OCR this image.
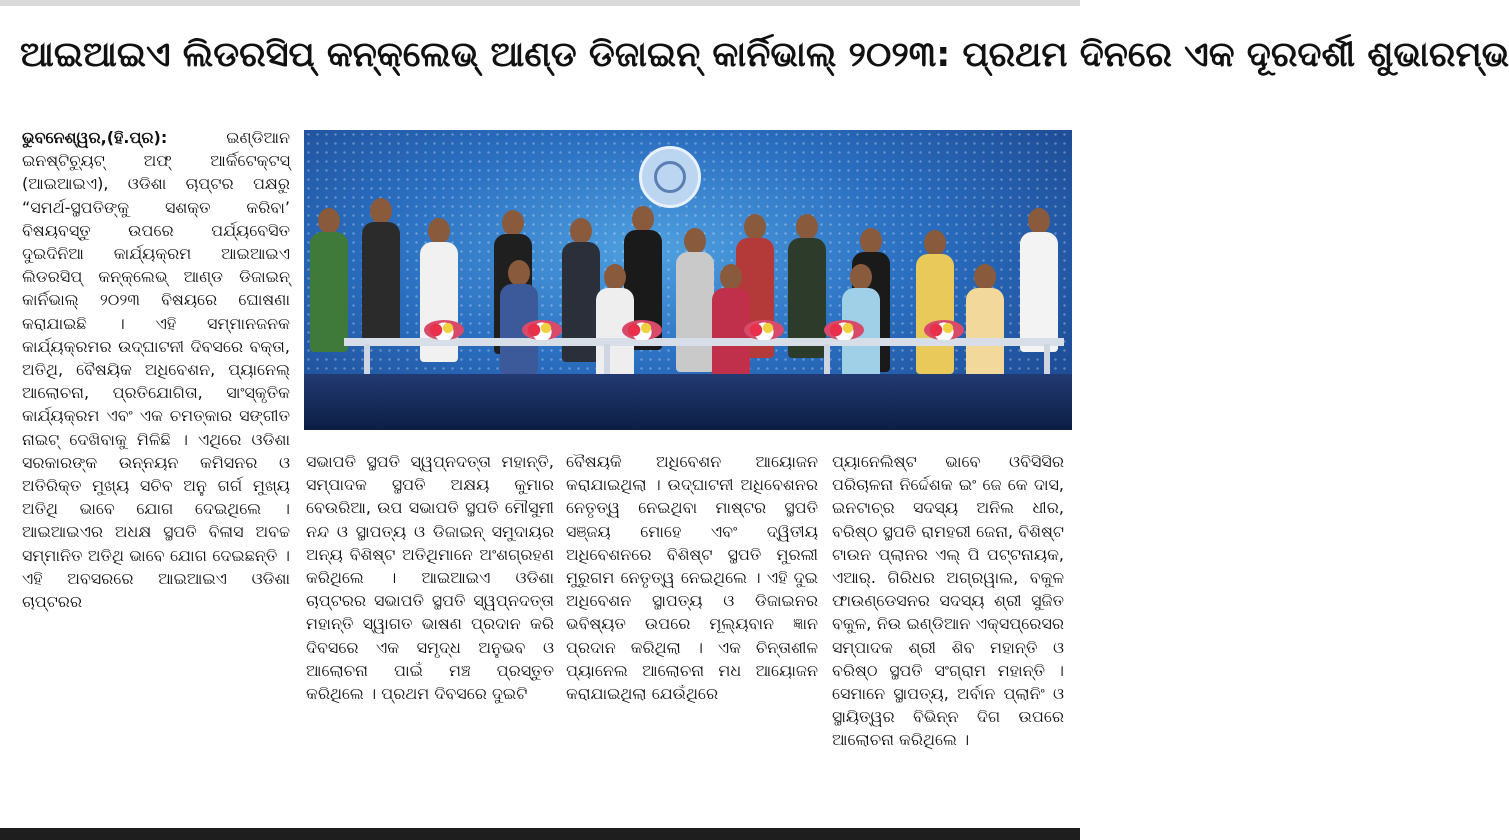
ଆଇଆଇଏ ଲିଡରସିପ୍ କନ୍‌କ୍ଲେଭ୍ ଆଣ୍ଡ ଡିଜାଇନ୍ କାର୍ନିଭାଲ୍ ୨୦୨୩: ପ୍ରଥମ ଦିନରେ ଏକ ଦୂରଦର୍ଶୀ ଶୁଭାରମ୍ଭ
ଭୁବନେଶ୍ୱର,(ହି.ପ୍ର): ଇଣ୍ଡିଆନ ଇନଷ୍ଟିଚ୍ୟୁଟ୍ ଅଫ୍ ଆର୍କିଟେକ୍ଟସ୍ (ଆଇଆଇଏ), ଓଡିଶା ଚାପ୍ଟର ପକ୍ଷରୁ “ସମର୍ଥ-ସ୍ଥପତିଙ୍କୁ ସଶକ୍ତ କରିବା’ ବିଷୟବସ୍ତୁ ଉପରେ ପର୍ଯ୍ୟବେସିତ ଦୁଇଦିନିଆ କାର୍ଯ୍ୟକ୍ରମ ଆଇଆଇଏ ଲିଡରସିପ୍ କନ୍‌କ୍ଲେଭ୍ ଆଣ୍ଡ ଡିଜାଇନ୍ କାର୍ନିଭାଲ୍ ୨୦୨୩ ବିଷୟରେ ଘୋଷଣା କରାଯାଇଛି । ଏହି ସମ୍ମାନଜନକ କାର୍ଯ୍ୟକ୍ରମର ଉଦ୍‌ଘାଟନୀ ଦିବସରେ ବକ୍ତା, ଅତିଥି, ବୈଷୟିକ ଅଧିବେଶନ, ପ୍ୟାନେଲ୍ ଆଲୋଚନା, ପ୍ରତିଯୋଗିତା, ସାଂସ୍କୃତିକ କାର୍ଯ୍ୟକ୍ରମ ଏବଂ ଏକ ଚମତ୍କାର ସଙ୍ଗୀତ ନାଇଟ୍ ଦେଖିବାକୁ ମିଳିଛି । ଏଥିରେ ଓଡିଶା ସରକାରଙ୍କ ଉନ୍ନୟନ କମିସନର ଓ ଅତିରିକ୍ତ ମୁଖ୍ୟ ସଚିବ ଅନୁ ଗର୍ଗ ମୁଖ୍ୟ ଅତିଥି ଭାବେ ଯୋଗ ଦେଇଥିଲେ । ଆଇଆଇଏର ଅଧକ୍ଷ ସ୍ଥପତି ବିଳାସ ଅବଚ୍ଚ ସମ୍ମାନିତ ଅତିଥି ଭାବେ ଯୋଗ ଦେଇଛନ୍ତି । ଏହି ଅବସରରେ ଆଇଆଇଏ ଓଡିଶା ଚାପ୍ଟରର
ସଭାପତି ସ୍ଥପତି ସ୍ୱପ୍ନଦତ୍ତା ମହାନ୍ତି, ସମ୍ପାଦକ ସ୍ଥପତି ଅକ୍ଷୟ କୁମାର ବେଉରିଆ, ଉପ ସଭାପତି ସ୍ଥପତି ମୌସୁମୀ ନନ୍ଦ ଓ ସ୍ଥାପତ୍ୟ ଓ ଡିଜାଇନ୍ ସମୁଦାୟର ଅନ୍ୟ ବିଶିଷ୍ଟ ଅତିଥିମାନେ ଅଂଶଗ୍ରହଣ କରିଥିଲେ । ଆଇଆଇଏ ଓଡିଶା ଚାପ୍ଟରର ସଭାପତି ସ୍ଥପତି ସ୍ୱପ୍ନଦତ୍ତା ମହାନ୍ତି ସ୍ୱାଗତ ଭାଷଣ ପ୍ରଦାନ କରି ଦିବସରେ ଏକ ସମୃଦ୍ଧ ଅନୁଭବ ଓ ଆଲୋଚନା ପାଇଁ ମଞ୍ଚ ପ୍ରସ୍ତୁତ କରିଥିଲେ । ପ୍ରଥମ ଦିବସରେ ଦୁଇଟି
ବୈଷୟକି ଅଧିବେଶନ ଆୟୋଜନ କରାଯାଇଥିଲା । ଉଦ୍‌ଘାଟନୀ ଅଧିବେଶନର ନେତୃତ୍ୱ ନେଇଥିବା ମାଷ୍ଟର ସ୍ଥପତି ସଞ୍ଜୟ ମୋହେ ଏବଂ ଦ୍ୱିତୀୟ ଅଧିବେଶନରେ ବିଶିଷ୍ଟ ସ୍ଥପତି ମୁରଲୀ ମୁରୁଗମ ନେତୃତ୍ୱ ନେଇଥିଲେ । ଏହି ଦୁଇ ଅଧିବେଶନ ସ୍ଥାପତ୍ୟ ଓ ଡିଜାଇନର ଭବିଷ୍ୟତ ଉପରେ ମୂଲ୍ୟବାନ ଜ୍ଞାନ ପ୍ରଦାନ କରିଥିଲା । ଏକ ଚିନ୍ତାଶୀଳ ପ୍ୟାନେଲ ଆଲୋଚନା ମଧ ଆୟୋଜନ କରାଯାଇଥିଲା ଯେଉଁଥିରେ
ପ୍ୟାନେଲିଷ୍ଟ ଭାବେ ଓବିସିସିର ପରିଚାଳନା ନିର୍ଦ୍ଦେଶକ ଇଂ ଜେ କେ ଦାସ, ଇନଟାଚ୍‌ର ସଦସ୍ୟ ଅନିଲ ଧୀର, ବରିଷ୍ଠ ସ୍ଥପତି ରାମହରୀ ଜେନା, ବିଶିଷ୍ଟ ଟାଉନ ପ୍ଲାନର ଏଲ୍ ପି ପଟ୍ଟନାୟକ, ଏଆର୍. ଗିରିଧର ଅଗ୍ରୱାଲ, ବକୁଳ ଫାଉଣ୍ଡେସନର ସଦସ୍ୟ ଶ୍ରୀ ସୁଜିତ ବକୁଳ, ନିଉ ଇଣ୍ଡିଆନ ଏକ୍ସପ୍ରେସର ସମ୍ପାଦକ ଶ୍ରୀ ଶିବ ମହାନ୍ତି ଓ ବରିଷ୍ଠ ସ୍ଥପତି ସଂଗ୍ରାମ ମହାନ୍ତି । ସେମାନେ ସ୍ଥାପତ୍ୟ, ଅର୍ବାନ ପ୍ଲାନିଂ ଓ ସ୍ଥାୟିତ୍ୱର ବିଭିନ୍ନ ଦିଗ ଉପରେ ଆଲୋଚନା କରିଥିଲେ ।
